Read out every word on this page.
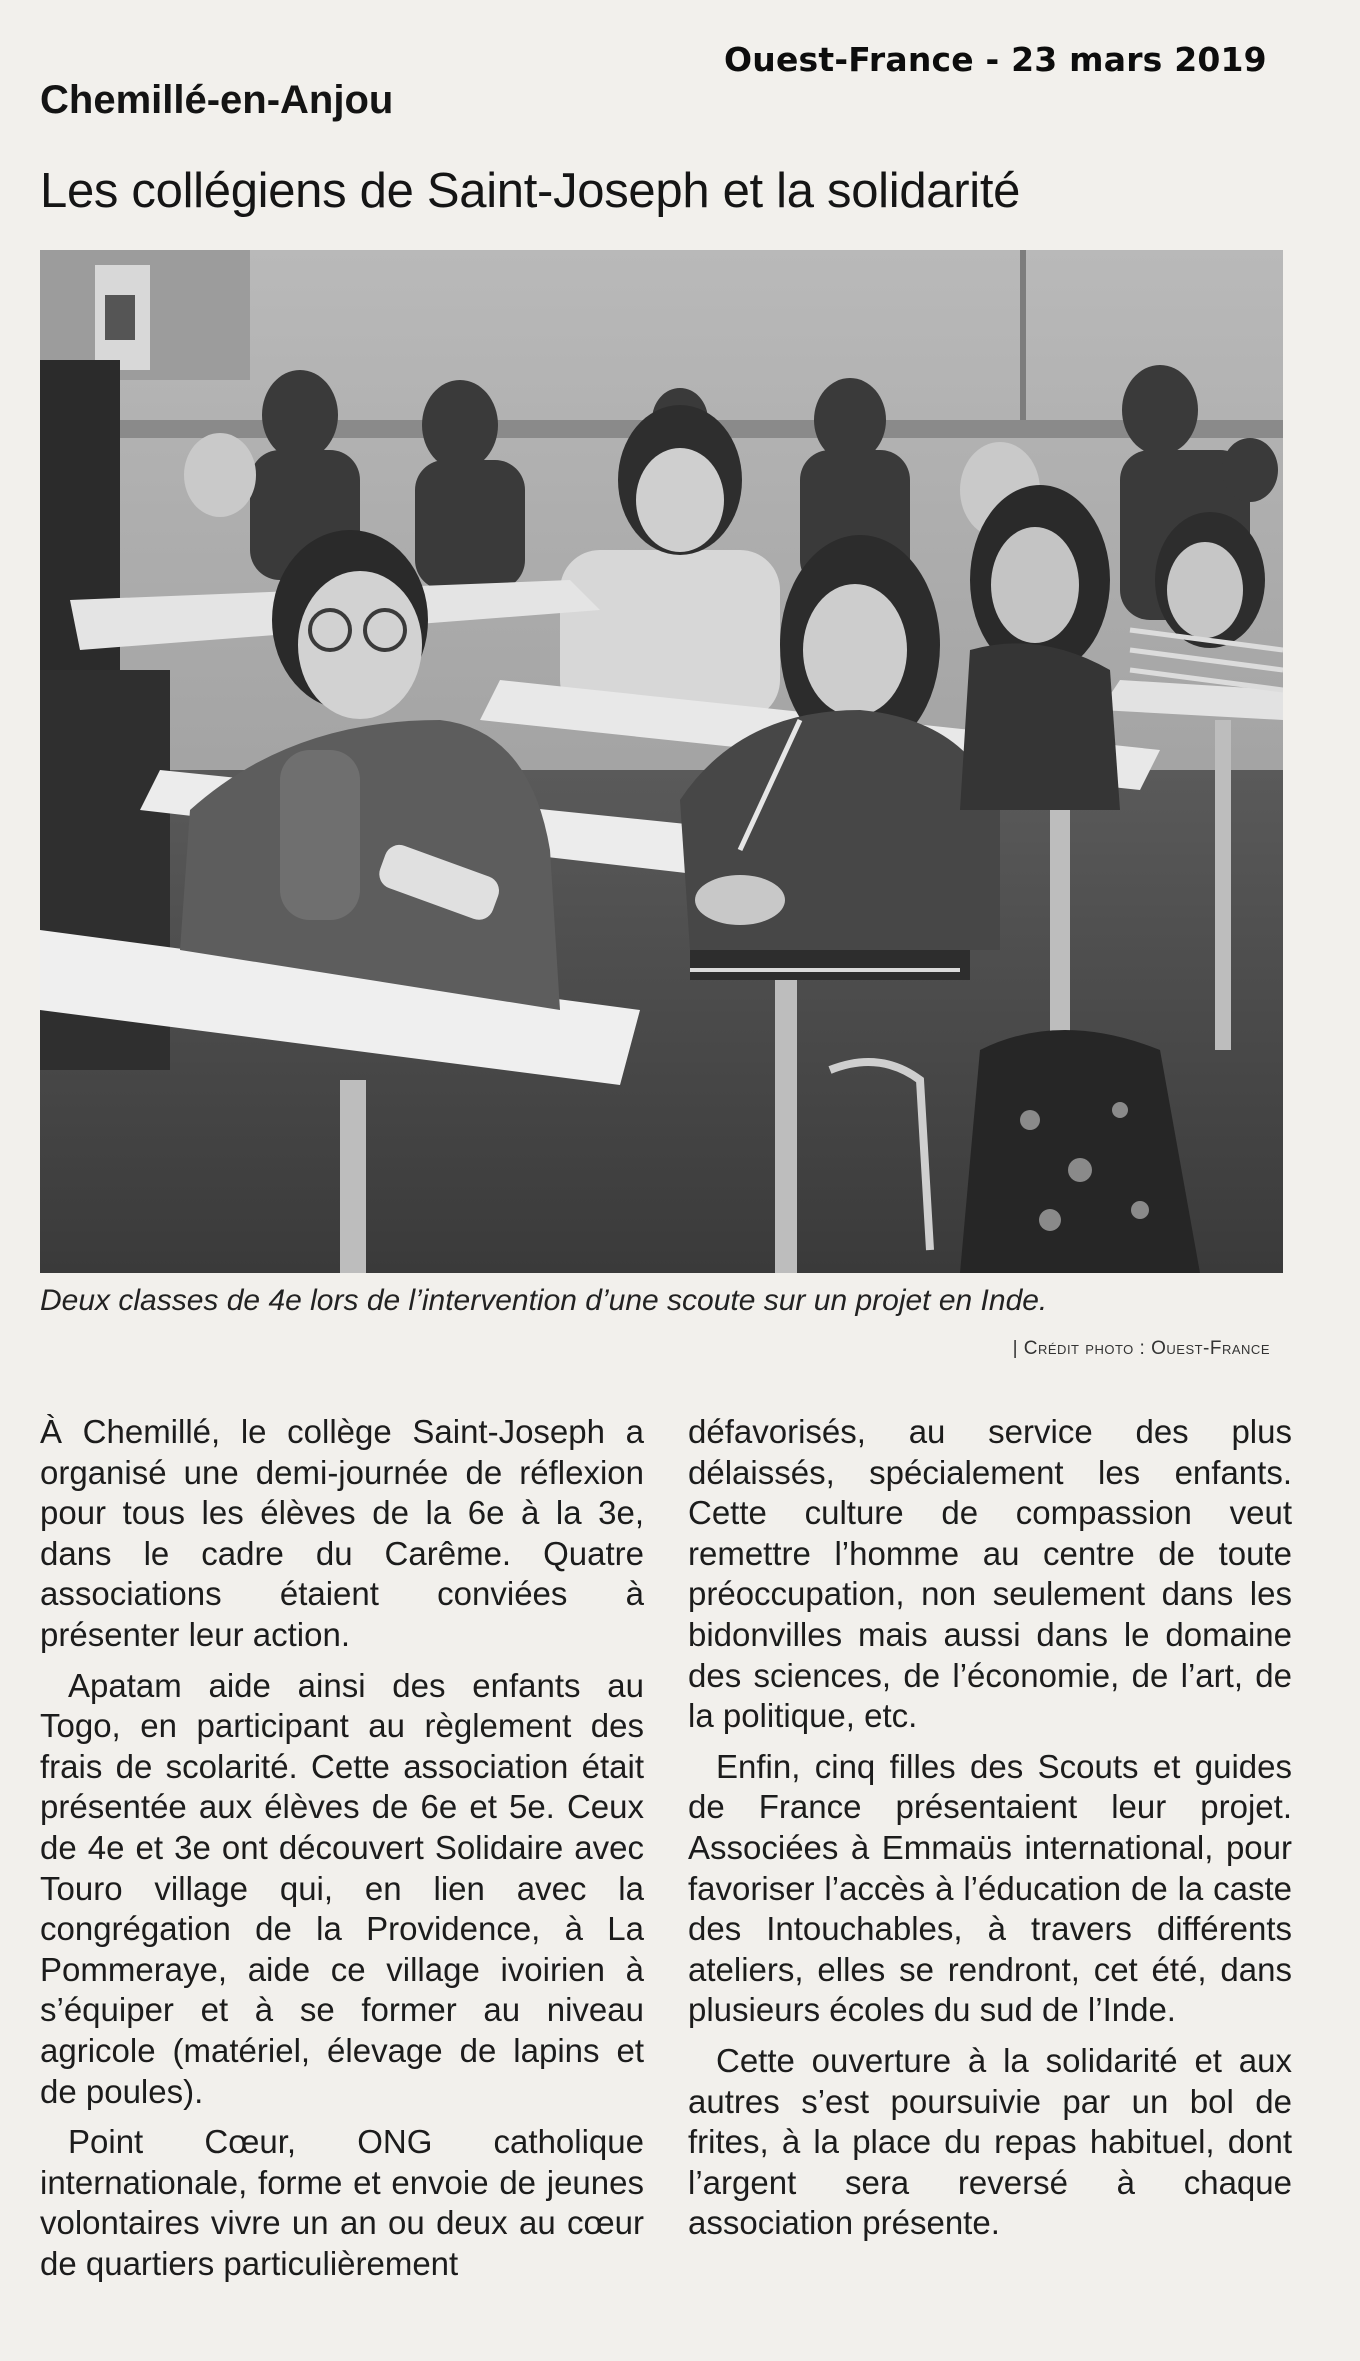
Ouest-France - 23 mars 2019
Chemillé-en-Anjou
Les collégiens de Saint-Joseph et la solidarité
Deux classes de 4e lors de l’intervention d’une scoute sur un projet en Inde.
| Crédit photo : Ouest-France

À Chemillé, le collège Saint-Joseph a organisé une demi-journée de réflexion pour tous les élèves de la 6e à la 3e, dans le cadre du Carême. Quatre associations étaient conviées à présenter leur action.

Apatam aide ainsi des enfants au Togo, en participant au règlement des frais de scolarité. Cette association était présentée aux élèves de 6e et 5e. Ceux de 4e et 3e ont découvert Solidaire avec Touro village qui, en lien avec la congrégation de la Providence, à La Pommeraye, aide ce village ivoirien à s’équiper et à se former au niveau agricole (matériel, élevage de lapins et de poules).

Point Cœur, ONG catholique internationale, forme et envoie de jeunes volontaires vivre un an ou deux au cœur de quartiers particulièrement

défavorisés, au service des plus délaissés, spécialement les enfants. Cette culture de compassion veut remettre l’homme au centre de toute préoccupation, non seulement dans les bidonvilles mais aussi dans le domaine des sciences, de l’économie, de l’art, de la politique, etc.

Enfin, cinq filles des Scouts et guides de France présentaient leur projet. Associées à Emmaüs international, pour favoriser l’accès à l’éducation de la caste des Intouchables, à travers différents ateliers, elles se rendront, cet été, dans plusieurs écoles du sud de l’Inde.

Cette ouverture à la solidarité et aux autres s’est poursuivie par un bol de frites, à la place du repas habituel, dont l’argent sera reversé à chaque association présente.
